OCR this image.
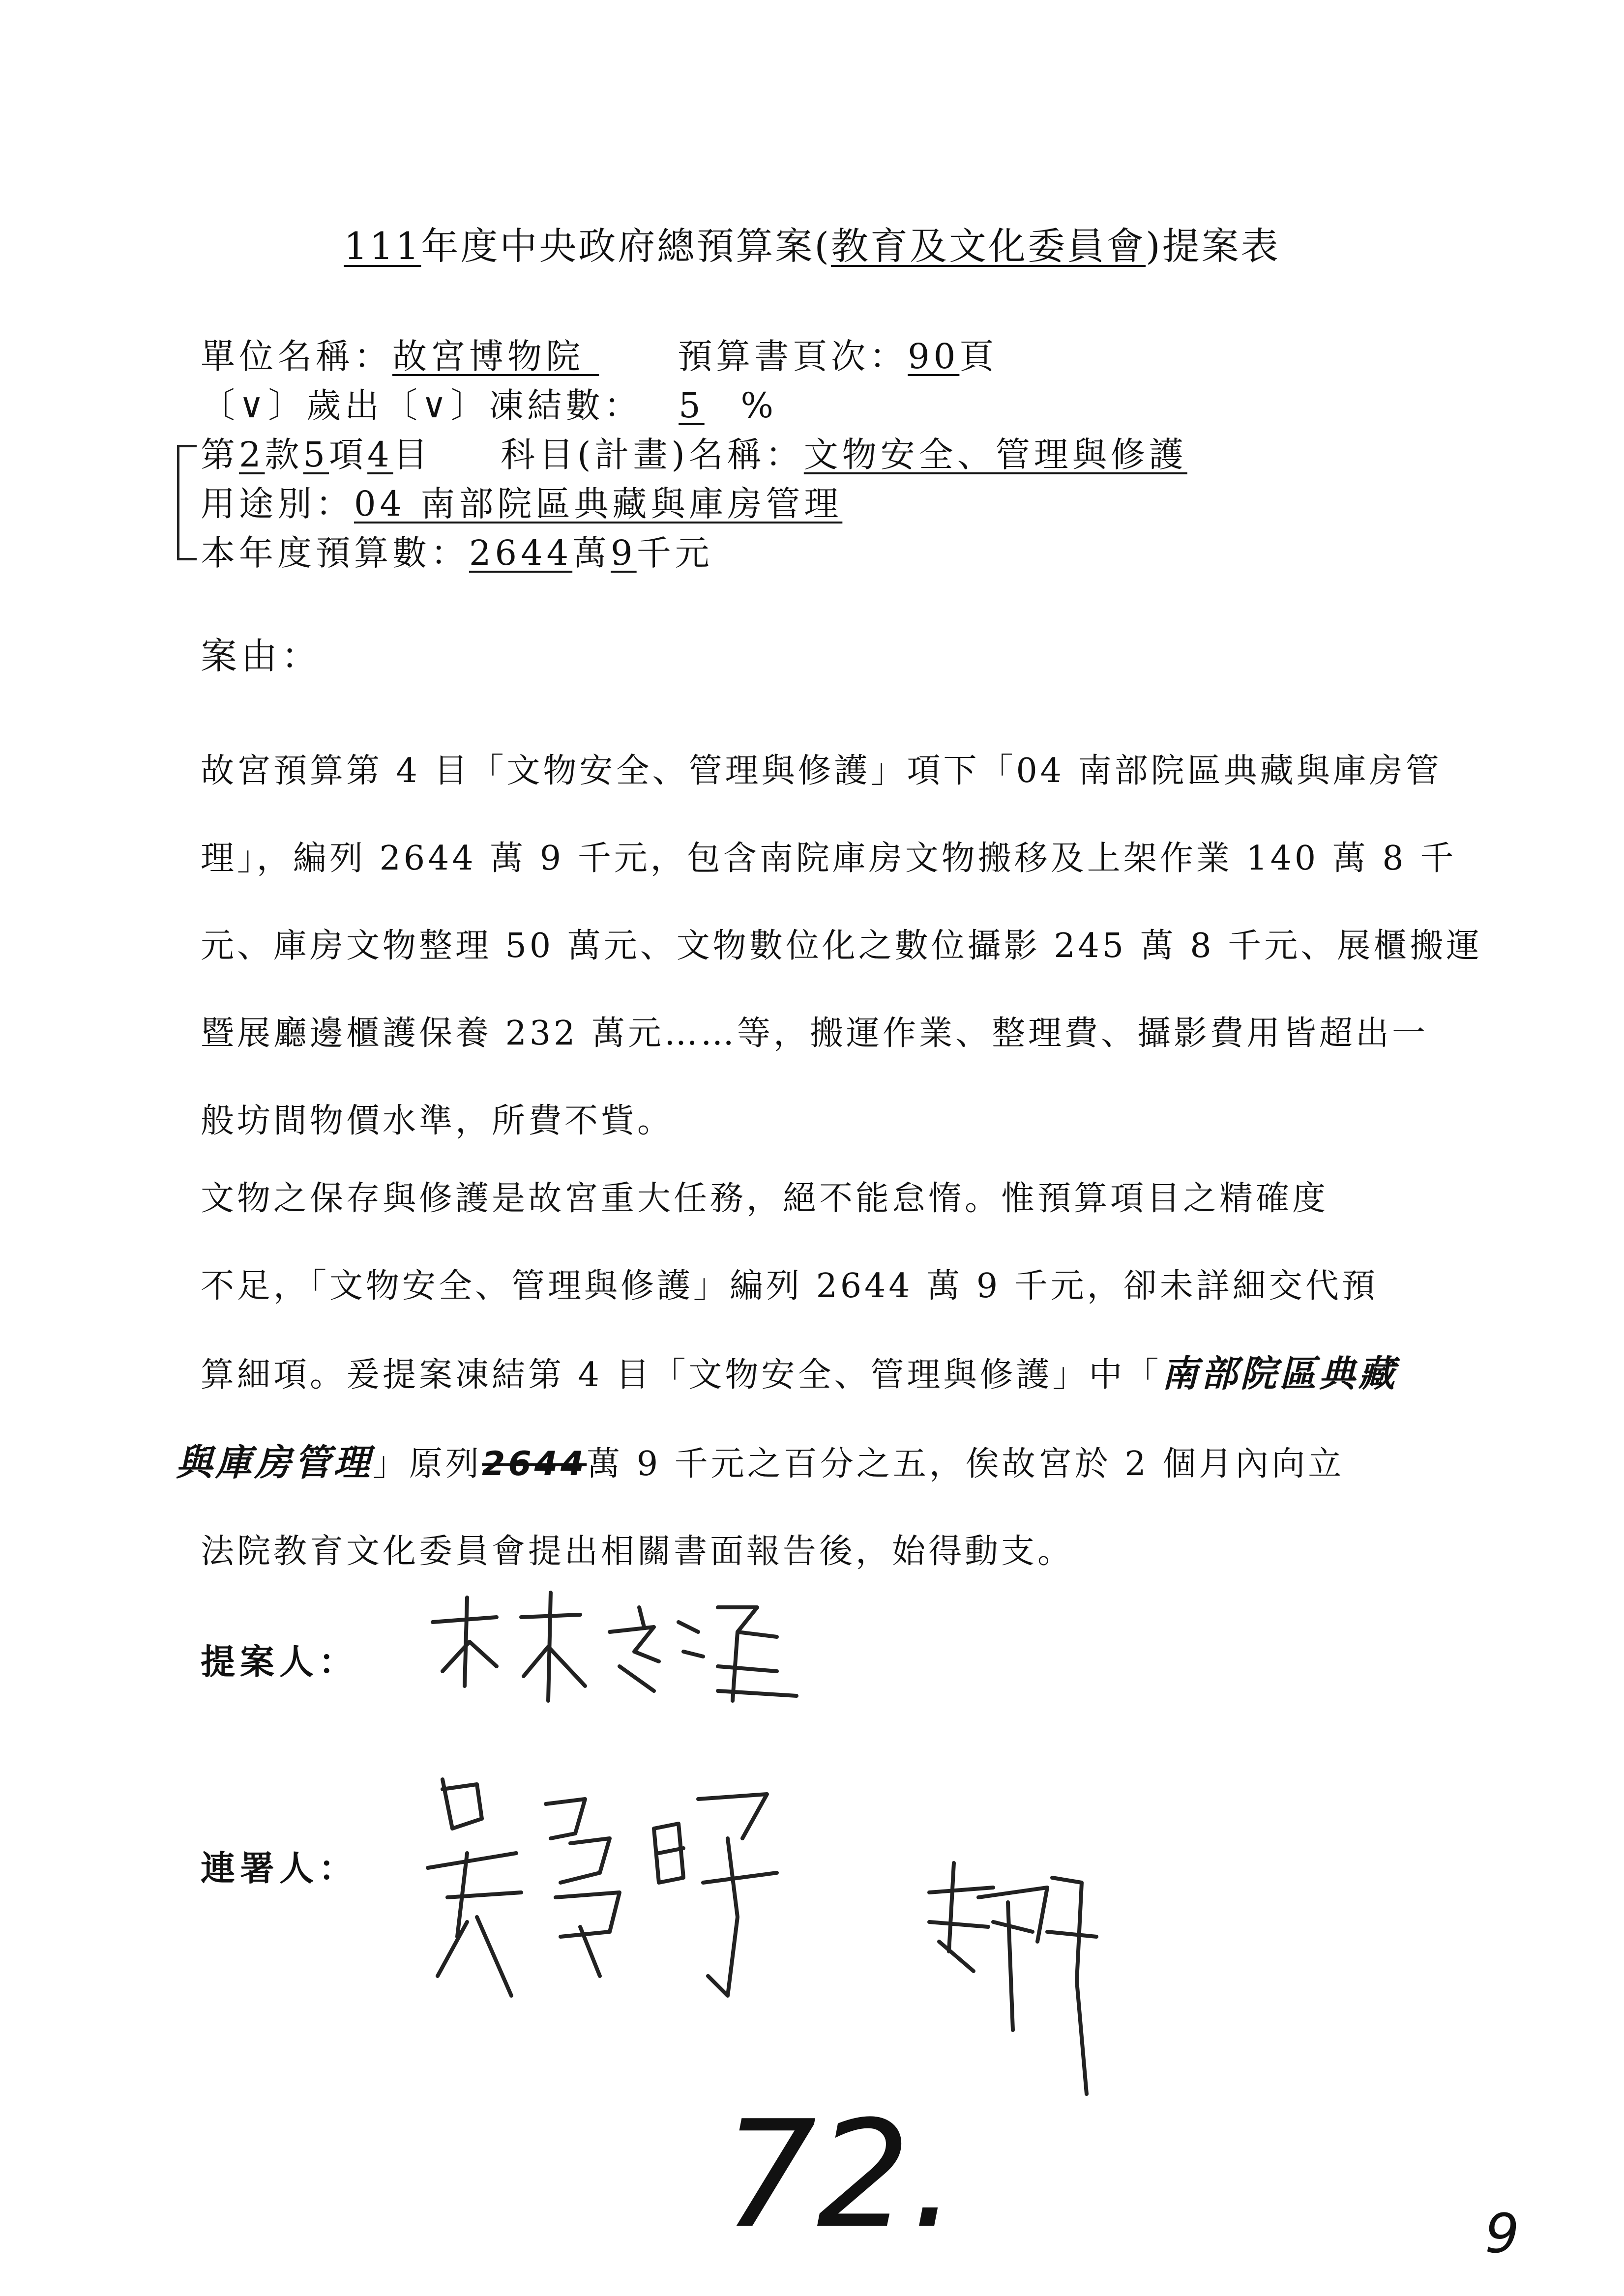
111年度中央政府總預算案(教育及文化委員會)提案表
單位名稱：故宮博物院	預算書頁次：90頁
〔∨〕歲出〔∨〕凍結數： 5 %
第2款5項4目 科目(計畫)名稱：文物安全、管理與修護
用途別：04 南部院區典藏與庫房管理
本年度預算數：2644萬9千元
案由：
故宮預算第 4 目「文物安全、管理與修護」項下「04 南部院區典藏與庫房管
理」，編列 2644 萬 9 千元，包含南院庫房文物搬移及上架作業 140 萬 8 千
元、庫房文物整理 50 萬元、文物數位化之數位攝影 245 萬 8 千元、展櫃搬運
暨展廳邊櫃護保養 232 萬元……等，搬運作業、整理費、攝影費用皆超出一
般坊間物價水準，所費不貲。
文物之保存與修護是故宮重大任務，絕不能怠惰。惟預算項目之精確度
不足，「文物安全、管理與修護」編列 2644 萬 9 千元，卻未詳細交代預
算細項。爰提案凍結第 4 目「文物安全、管理與修護」中「南部院區典藏
與庫房管理」原列2644萬 9 千元之百分之五，俟故宮於 2 個月內向立
法院教育文化委員會提出相關書面報告後，始得動支。
提案人：
連署人：
72.	9
